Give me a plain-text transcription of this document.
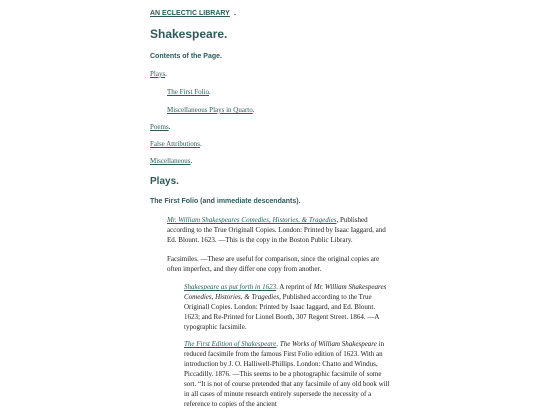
AN ECLECTIC LIBRARY .
Shakespeare.
Contents of the Page.
Plays.
The First Folio.
Miscellaneous Plays in Quarto.
Poems.
False Attributions.
Miscellaneous.
Plays.
The First Folio (and immediate descendants).
Mr. William Shakespeares Comedies, Histories, & Tragedies, Published according to the True Originall Copies. London: Printed by Isaac Iaggard, and Ed. Blount. 1623. —This is the copy in the Boston Public Library.
Facsimiles. —These are useful for comparison, since the original copies are often imperfect, and they differ one copy from another.
Shakespeare as put forth in 1623. A reprint of Mr. William Shakespeares Comedies, Histories, & Tragedies, Published according to the True Originall Copies. London: Printed by Isaac Iaggard, and Ed. Blount. 1623; and Re-Printed for Lionel Booth, 307 Regent Street. 1864. —A typographic facsimile.
The First Edition of Shakespeare. The Works of William Shakespeare in reduced facsimile from the famous First Folio edition of 1623. With an introduction by J. O. Halliwell-Phillips. London: Chatto and Windus, Piccadilly. 1876. —This seems to be a photographic facsimile of some sort. “It is not of course pretended that any facsimile of any old book will in all cases of minute research entirely supersede the necessity of a reference to copies of the ancient
